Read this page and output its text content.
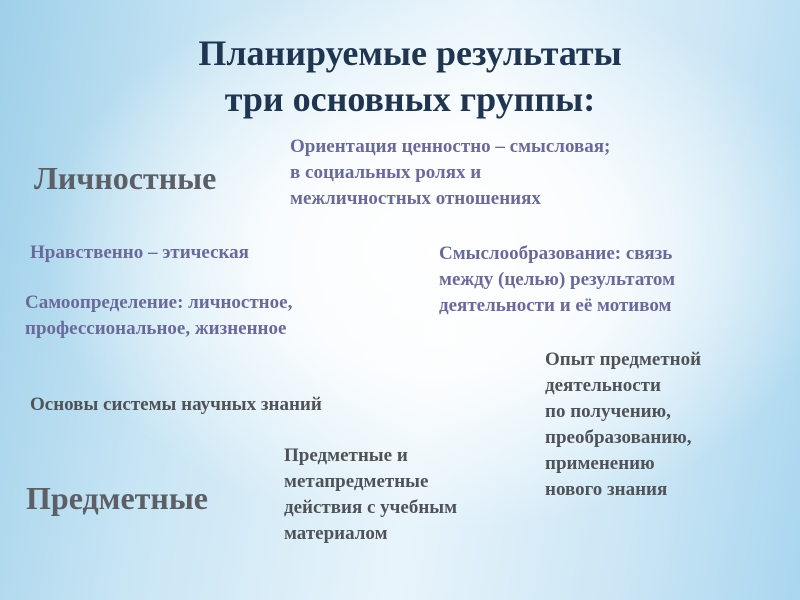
Планируемые результаты
три основных группы:
Личностные
Ориентация ценностно – смысловая;
в социальных ролях и
межличностных отношениях
Нравственно – этическая	Смыслообразование: связь
между (целью) результатом
деятельности и её мотивом
Самоопределение: личностное,
профессиональное, жизненное
Опыт предметной
деятельности
по получению,
преобразованию,
применению
нового знания
Основы системы научных знаний
Предметные и
метапредметные
действия с учебным
материалом
Предметные
